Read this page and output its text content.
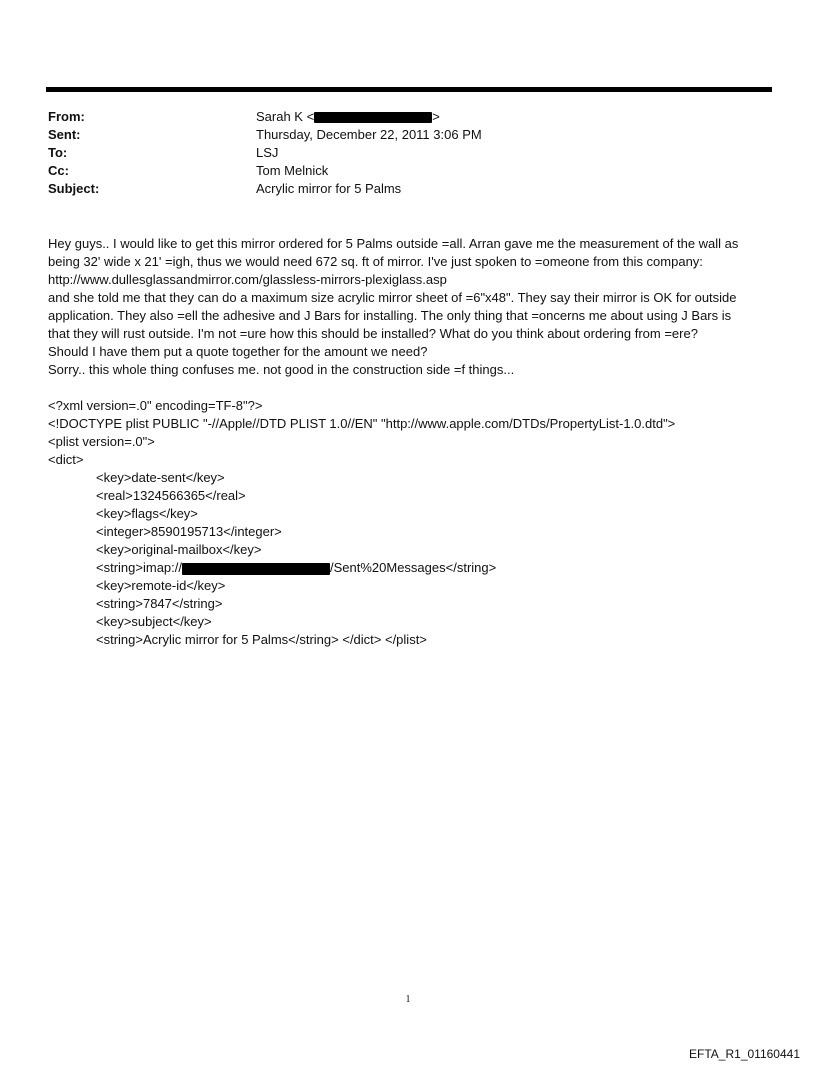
From:	Sarah K <	>
Sent:	Thursday, December 22, 2011 3:06 PM
To:	LSJ
Cc:	Tom Melnick
Subject:	Acrylic mirror for 5 Palms

Hey guys.. I would like to get this mirror ordered for 5 Palms outside =all. Arran gave me the measurement of the wall as

being 32' wide x 21' =igh, thus we would need 672 sq. ft of mirror. I've just spoken to =omeone from this company:

http://www.dullesglassandmirror.com/glassless-mirrors-plexiglass.asp

and she told me that they can do a maximum size acrylic mirror sheet of =6"x48". They say their mirror is OK for outside

application. They also =ell the adhesive and J Bars for installing. The only thing that =oncerns me about using J Bars is

that they will rust outside. I'm not =ure how this should be installed? What do you think about ordering from =ere?

Should I have them put a quote together for the amount we need?

Sorry.. this whole thing confuses me. not good in the construction side =f things...

<?xml version=.0" encoding=TF-8"?>

<!DOCTYPE plist PUBLIC "-//Apple//DTD PLIST 1.0//EN" "http://www.apple.com/DTDs/PropertyList-1.0.dtd">

<plist version=.0">

<dict>

<key>date-sent</key>

<real>1324566365</real>

<key>flags</key>

<integer>8590195713</integer>

<key>original-mailbox</key>

<string>imap://	/Sent%20Messages</string>

<key>remote-id</key>

<string>7847</string>

<key>subject</key>

<string>Acrylic mirror for 5 Palms</string> </dict> </plist>

1
EFTA_R1_01160441
